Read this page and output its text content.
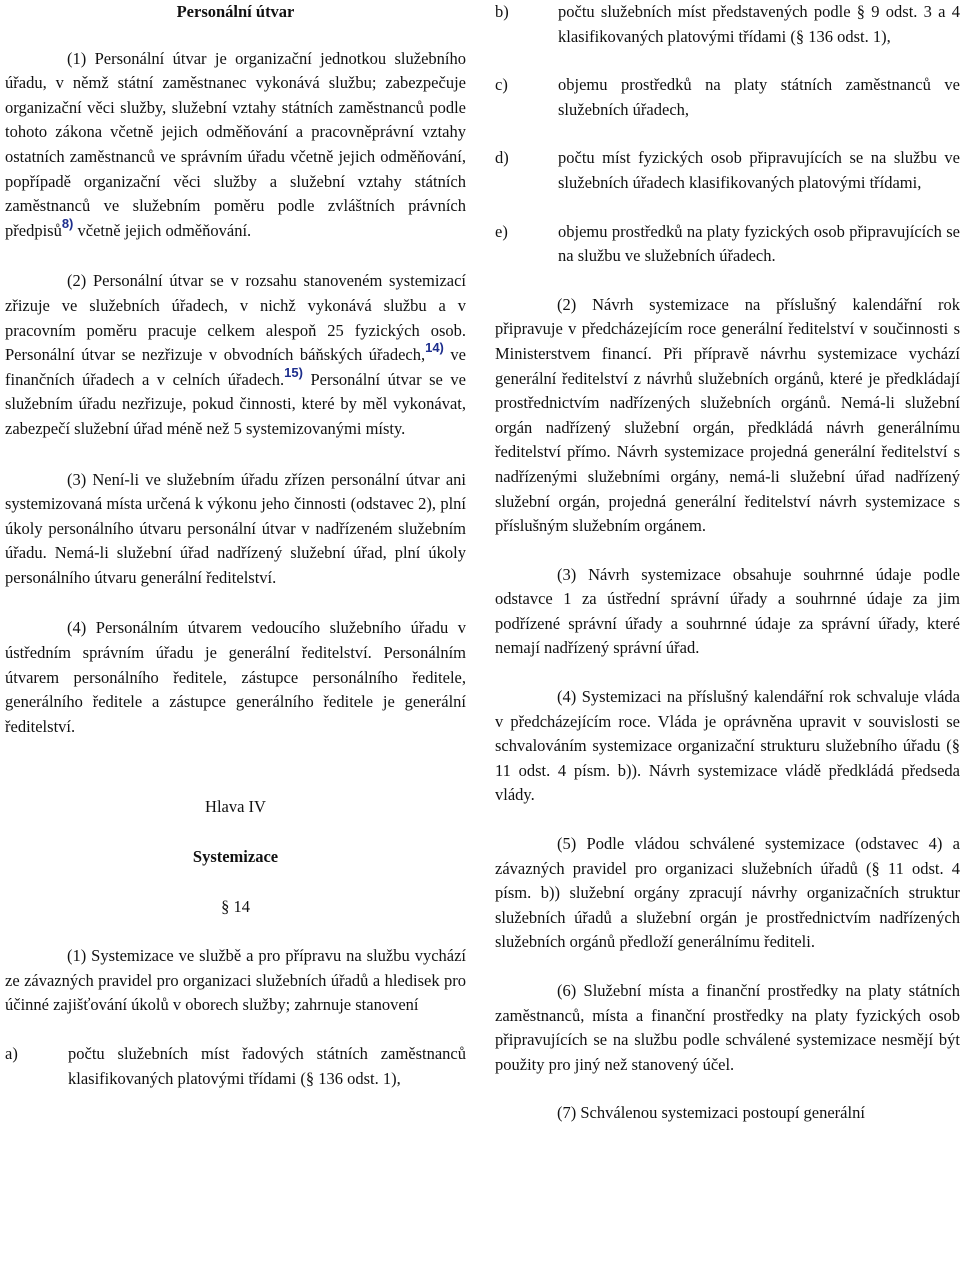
Personální útvar

(1) Personální útvar je organizační jednotkou služebního úřadu, v němž státní zaměstnanec vykonává službu; zabezpečuje organizační věci služby, služební vztahy státních zaměstnanců podle tohoto zákona včetně jejich odměňování a pracovněprávní vztahy ostatních zaměstnanců ve správním úřadu včetně jejich odměňování, popřípadě organizační věci služby a služební vztahy státních zaměstnanců ve služebním poměru podle zvláštních právních předpisů$^{8)}$ včetně jejich odměňování.

(2) Personální útvar se v rozsahu stanoveném systemizací zřizuje ve služebních úřadech, v nichž vykonává službu a v pracovním poměru pracuje celkem alespoň 25 fyzických osob. Personální útvar se nezřizuje v obvodních báňských úřadech,$^{14)}$ ve finančních úřadech a v celních úřadech.$^{15)}$ Personální útvar se ve služebním úřadu nezřizuje, pokud činnosti, které by měl vykonávat, zabezpečí služební úřad méně než 5 systemizovanými místy.

(3) Není-li ve služebním úřadu zřízen personální útvar ani systemizovaná místa určená k výkonu jeho činnosti (odstavec 2), plní úkoly personálního útvaru personální útvar v nadřízeném služebním úřadu. Nemá-li služební úřad nadřízený služební úřad, plní úkoly personálního útvaru generální ředitelství.

(4) Personálním útvarem vedoucího služebního úřadu v ústředním správním úřadu je generální ředitelství. Personálním útvarem personálního ředitele, zástupce personálního ředitele, generálního ředitele a zástupce generálního ředitele je generální ředitelství.

Hlava IV

Systemizace

§ 14

(1) Systemizace ve službě a pro přípravu na službu vychází ze závazných pravidel pro organizaci služebních úřadů a hledisek pro účinné zajišťování úkolů v oborech služby; zahrnuje stanovení

a)	počtu služebních míst řadových státních zaměstnanců klasifikovaných platovými třídami (§ 136 odst. 1),
b)	počtu služebních míst představených podle § 9 odst. 3 a 4 klasifikovaných platovými třídami (§ 136 odst. 1),
c)	objemu prostředků na platy státních zaměstnanců ve služebních úřadech,
d)	počtu míst fyzických osob připravujících se na službu ve služebních úřadech klasifikovaných platovými třídami,
e)	objemu prostředků na platy fyzických osob připravujících se na službu ve služebních úřadech.

(2) Návrh systemizace na příslušný kalendářní rok připravuje v předcházejícím roce generální ředitelství v součinnosti s Ministerstvem financí. Při přípravě návrhu systemizace vychází generální ředitelství z návrhů služebních orgánů, které je předkládají prostřednictvím nadřízených služebních orgánů. Nemá-li služební orgán nadřízený služební orgán, předkládá návrh generálnímu ředitelství přímo. Návrh systemizace projedná generální ředitelství s nadřízenými služebními orgány, nemá-li služební úřad nadřízený služební orgán, projedná generální ředitelství návrh systemizace s příslušným služebním orgánem.

(3) Návrh systemizace obsahuje souhrnné údaje podle odstavce 1 za ústřední správní úřady a souhrnné údaje za jim podřízené správní úřady a souhrnné údaje za správní úřady, které nemají nadřízený správní úřad.

(4) Systemizaci na příslušný kalendářní rok schvaluje vláda v předcházejícím roce. Vláda je oprávněna upravit v souvislosti se schvalováním systemizace organizační strukturu služebního úřadu (§ 11 odst. 4 písm. b)). Návrh systemizace vládě předkládá předseda vlády.

(5) Podle vládou schválené systemizace (odstavec 4) a závazných pravidel pro organizaci služebních úřadů (§ 11 odst. 4 písm. b)) služební orgány zpracují návrhy organizačních struktur služebních úřadů a služební orgán je prostřednictvím nadřízených služebních orgánů předloží generálnímu řediteli.

(6) Služební místa a finanční prostředky na platy státních zaměstnanců, místa a finanční prostředky na platy fyzických osob připravujících se na službu podle schválené systemizace nesmějí být použity pro jiný než stanovený účel.

(7) Schválenou systemizaci postoupí generální
